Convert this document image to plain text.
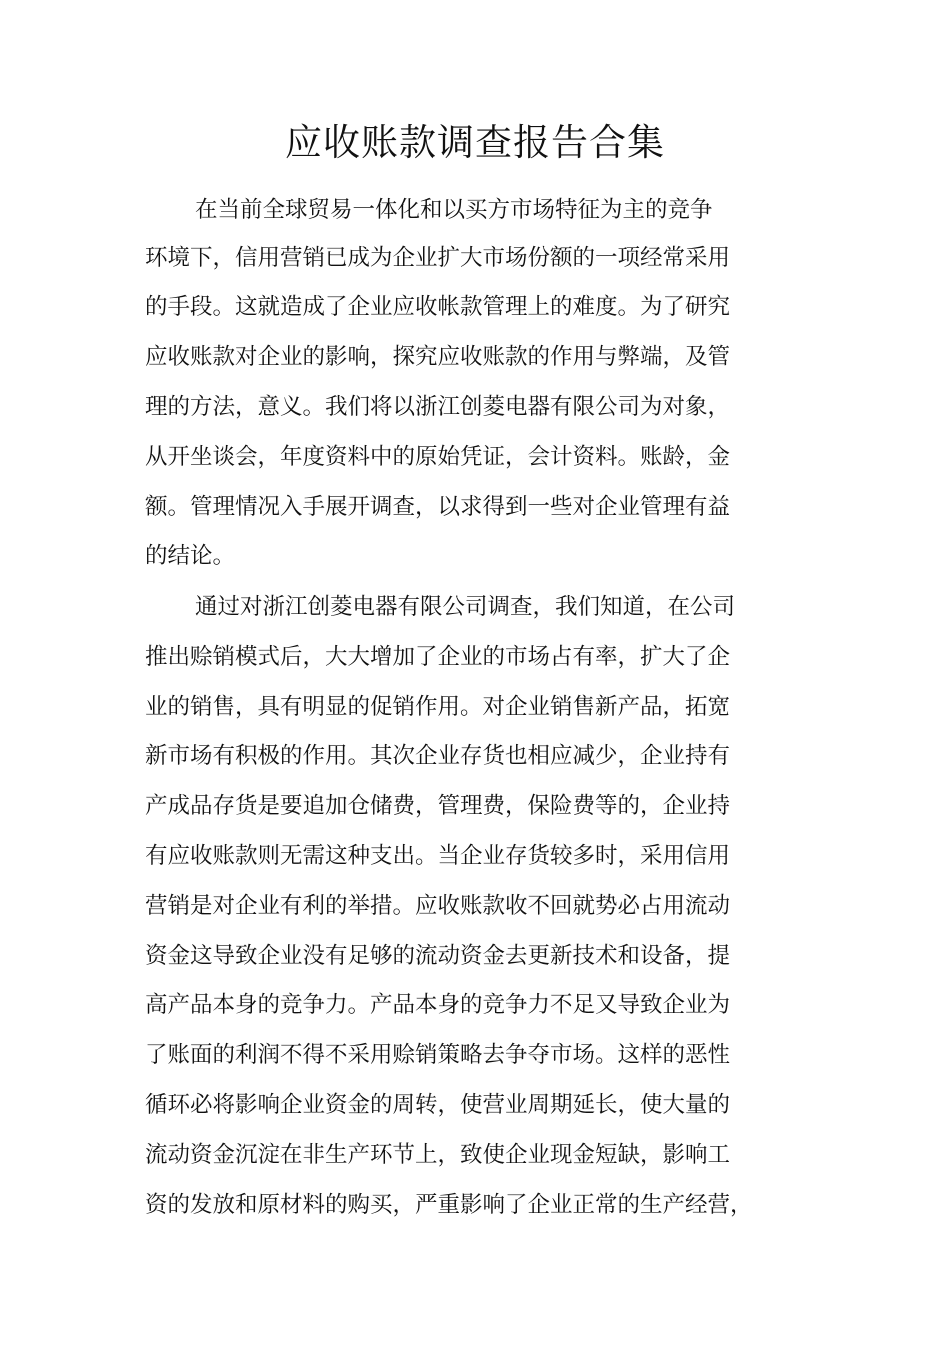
应收账款调查报告合集

在当前全球贸易一体化和以买方市场特征为主的竞争

环境下，信用营销已成为企业扩大市场份额的一项经常采用

的手段。这就造成了企业应收帐款管理上的难度。为了研究

应收账款对企业的影响，探究应收账款的作用与弊端，及管

理的方法，意义。我们将以浙江创菱电器有限公司为对象，

从开坐谈会，年度资料中的原始凭证，会计资料。账龄，金

额。管理情况入手展开调查，以求得到一些对企业管理有益

的结论。

通过对浙江创菱电器有限公司调查，我们知道，在公司

推出赊销模式后，大大增加了企业的市场占有率，扩大了企

业的销售，具有明显的促销作用。对企业销售新产品，拓宽

新市场有积极的作用。其次企业存货也相应减少，企业持有

产成品存货是要追加仓储费，管理费，保险费等的，企业持

有应收账款则无需这种支出。当企业存货较多时，采用信用

营销是对企业有利的举措。应收账款收不回就势必占用流动

资金这导致企业没有足够的流动资金去更新技术和设备，提

高产品本身的竞争力。产品本身的竞争力不足又导致企业为

了账面的利润不得不采用赊销策略去争夺市场。这样的恶性

循环必将影响企业资金的周转，使营业周期延长，使大量的

流动资金沉淀在非生产环节上，致使企业现金短缺，影响工

资的发放和原材料的购买，严重影响了企业正常的生产经营，
